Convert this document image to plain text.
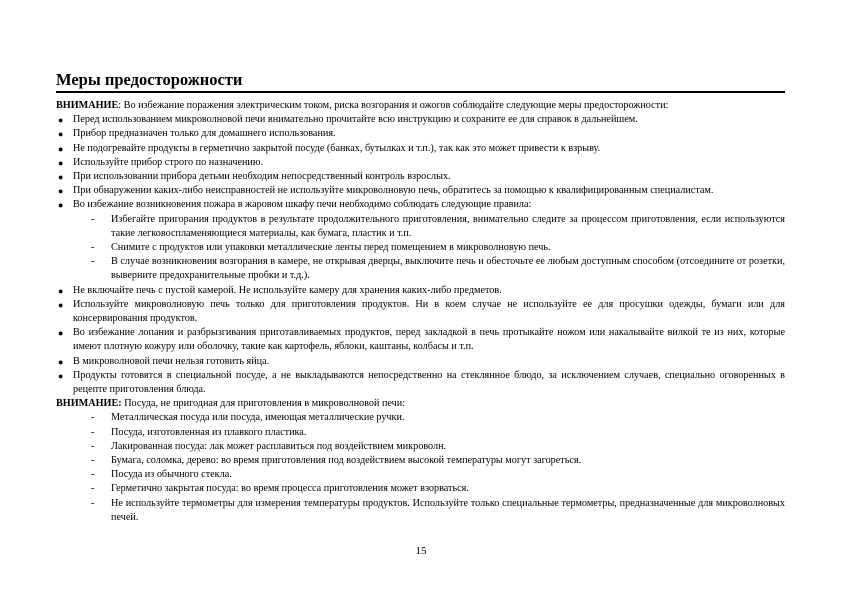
Меры предосторожности

ВНИМАНИЕ: Во избежание поражения электрическим током, риска возгорания и ожогов соблюдайте следующие меры предосторожности:

● Перед использованием микроволновой печи внимательно прочитайте всю инструкцию и сохраните ее для справок в дальнейшем.

● Прибор предназначен только для домашнего использования.

● Не подогревайте продукты в герметично закрытой посуде (банках, бутылках и т.п.), так как это может привести к взрыву.

● Используйте прибор строго по назначению.

● При использовании прибора детьми необходим непосредственный контроль взрослых.

● При обнаружении каких-либо неисправностей не используйте микроволновую печь, обратитесь за помощью к квалифицированным специалистам.

● Во избежание возникновения пожара в жаровом шкафу печи необходимо соблюдать следующие правила:

- Избегайте пригорания продуктов в результате продолжительного приготовления, внимательно следите за процессом приготовления, если используются такие легковоспламеняющиеся материалы, как бумага, пластик и т.п.

- Снимите с продуктов или упаковки металлические ленты перед помещением в микроволновую печь.

- В случае возникновения возгорания в камере, не открывая дверцы, выключите печь и обесточьте ее любым доступным способом (отсоедините от розетки, выверните предохранительные пробки и т.д.).

● Не включайте печь с пустой камерой. Не используйте камеру для хранения каких-либо предметов.

● Используйте микроволновую печь только для приготовления продуктов. Ни в коем случае не используйте ее для просушки одежды, бумаги или для консервирования продуктов.

● Во избежание лопания и разбрызгивания приготавливаемых продуктов, перед закладкой в печь протыкайте ножом или накалывайте вилкой те из них, которые имеют плотную кожуру или оболочку, такие как картофель, яблоки, каштаны, колбасы и т.п.

● В микроволновой печи нельзя готовить яйца.

● Продукты готовятся в специальной посуде, а не выкладываются непосредственно на стеклянное блюдо, за исключением случаев, специально оговоренных в рецепте приготовления блюда.

ВНИМАНИЕ: Посуда, не пригодная для приготовления в микроволновой печи:

- Металлическая посуда или посуда, имеющая металлические ручки.

- Посуда, изготовленная из плавкого пластика.

- Лакированная посуда: лак может расплавиться под воздействием микроволн.

- Бумага, соломка, дерево: во время приготовления под воздействием высокой температуры могут загореться.

- Посуда из обычного стекла.

- Герметично закрытая посуда: во время процесса приготовления может взорваться.

- Не используйте термометры для измерения температуры продуктов. Используйте только специальные термометры, предназначенные для микроволновых печей.

15
